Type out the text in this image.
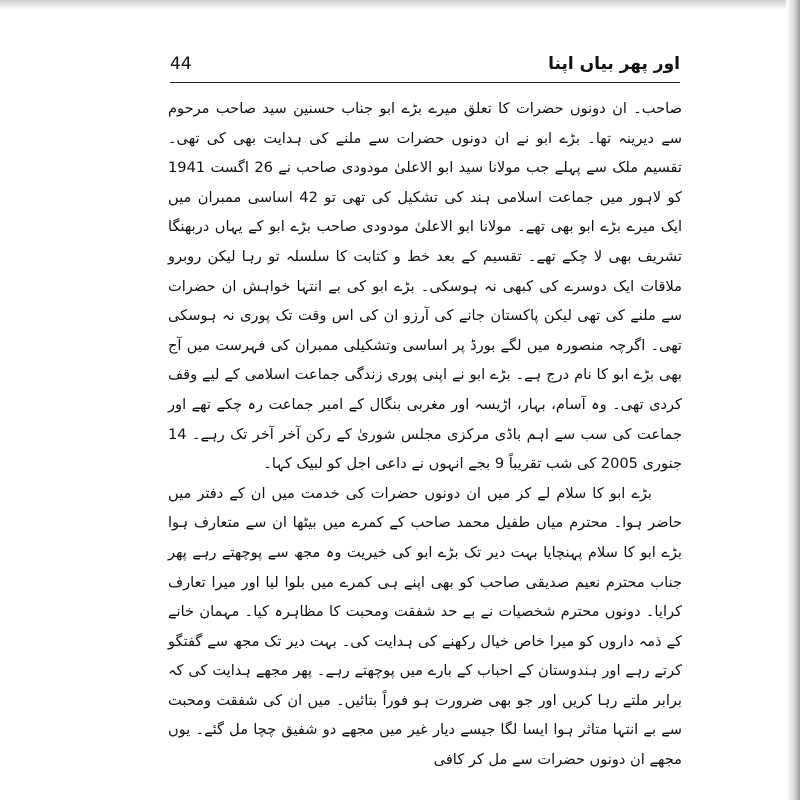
اور پھر بیاں اپنا
44

صاحب۔ ان دونوں حضرات کا تعلق میرے بڑے ابو جناب حسنین سید صاحب مرحوم سے دیرینہ تھا۔ بڑے ابو نے ان دونوں حضرات سے ملنے کی ہدایت بھی کی تھی۔ تقسیم ملک سے پہلے جب مولانا سید ابو الاعلیٰ مودودی صاحب نے 26 اگست 1941 کو لاہور میں جماعت اسلامی ہند کی تشکیل کی تھی تو 42 اساسی ممبران میں ایک میرے بڑے ابو بھی تھے۔ مولانا ابو الاعلیٰ مودودی صاحب بڑے ابو کے یہاں دربھنگا تشریف بھی لا چکے تھے۔ تقسیم کے بعد خط و کتابت کا سلسلہ تو رہا لیکن روبرو ملاقات ایک دوسرے کی کبھی نہ ہوسکی۔ بڑے ابو کی بے انتہا خواہش ان حضرات سے ملنے کی تھی لیکن پاکستان جانے کی آرزو ان کی اس وقت تک پوری نہ ہوسکی تھی۔ اگرچہ منصورہ میں لگے بورڈ پر اساسی وتشکیلی ممبران کی فہرست میں آج بھی بڑے ابو کا نام درج ہے۔ بڑے ابو نے اپنی پوری زندگی جماعت اسلامی کے لیے وقف کردی تھی۔ وہ آسام، بہار، اڑیسہ اور مغربی بنگال کے امیر جماعت رہ چکے تھے اور جماعت کی سب سے اہم باڈی مرکزی مجلس شوریٰ کے رکن آخر آخر تک رہے۔ 14 جنوری 2005 کی شب تقریباً 9 بجے انہوں نے داعی اجل کو لبیک کہا۔

بڑے ابو کا سلام لے کر میں ان دونوں حضرات کی خدمت میں ان کے دفتر میں حاضر ہوا۔ محترم میاں طفیل محمد صاحب کے کمرے میں بیٹھا ان سے متعارف ہوا بڑے ابو کا سلام پہنچایا بہت دیر تک بڑے ابو کی خیریت وہ مجھ سے پوچھتے رہے پھر جناب محترم نعیم صدیقی صاحب کو بھی اپنے ہی کمرے میں بلوا لیا اور میرا تعارف کرایا۔ دونوں محترم شخصیات نے بے حد شفقت ومحبت کا مظاہرہ کیا۔ مہمان خانے کے ذمہ داروں کو میرا خاص خیال رکھنے کی ہدایت کی۔ بہت دیر تک مجھ سے گفتگو کرتے رہے اور ہندوستان کے احباب کے بارے میں پوچھتے رہے۔ پھر مجھے ہدایت کی کہ برابر ملتے رہا کریں اور جو بھی ضرورت ہو فوراً بتائیں۔ میں ان کی شفقت ومحبت سے بے انتہا متاثر ہوا ایسا لگا جیسے دیار غیر میں مجھے دو شفیق چچا مل گئے۔ یوں مجھے ان دونوں حضرات سے مل کر کافی
